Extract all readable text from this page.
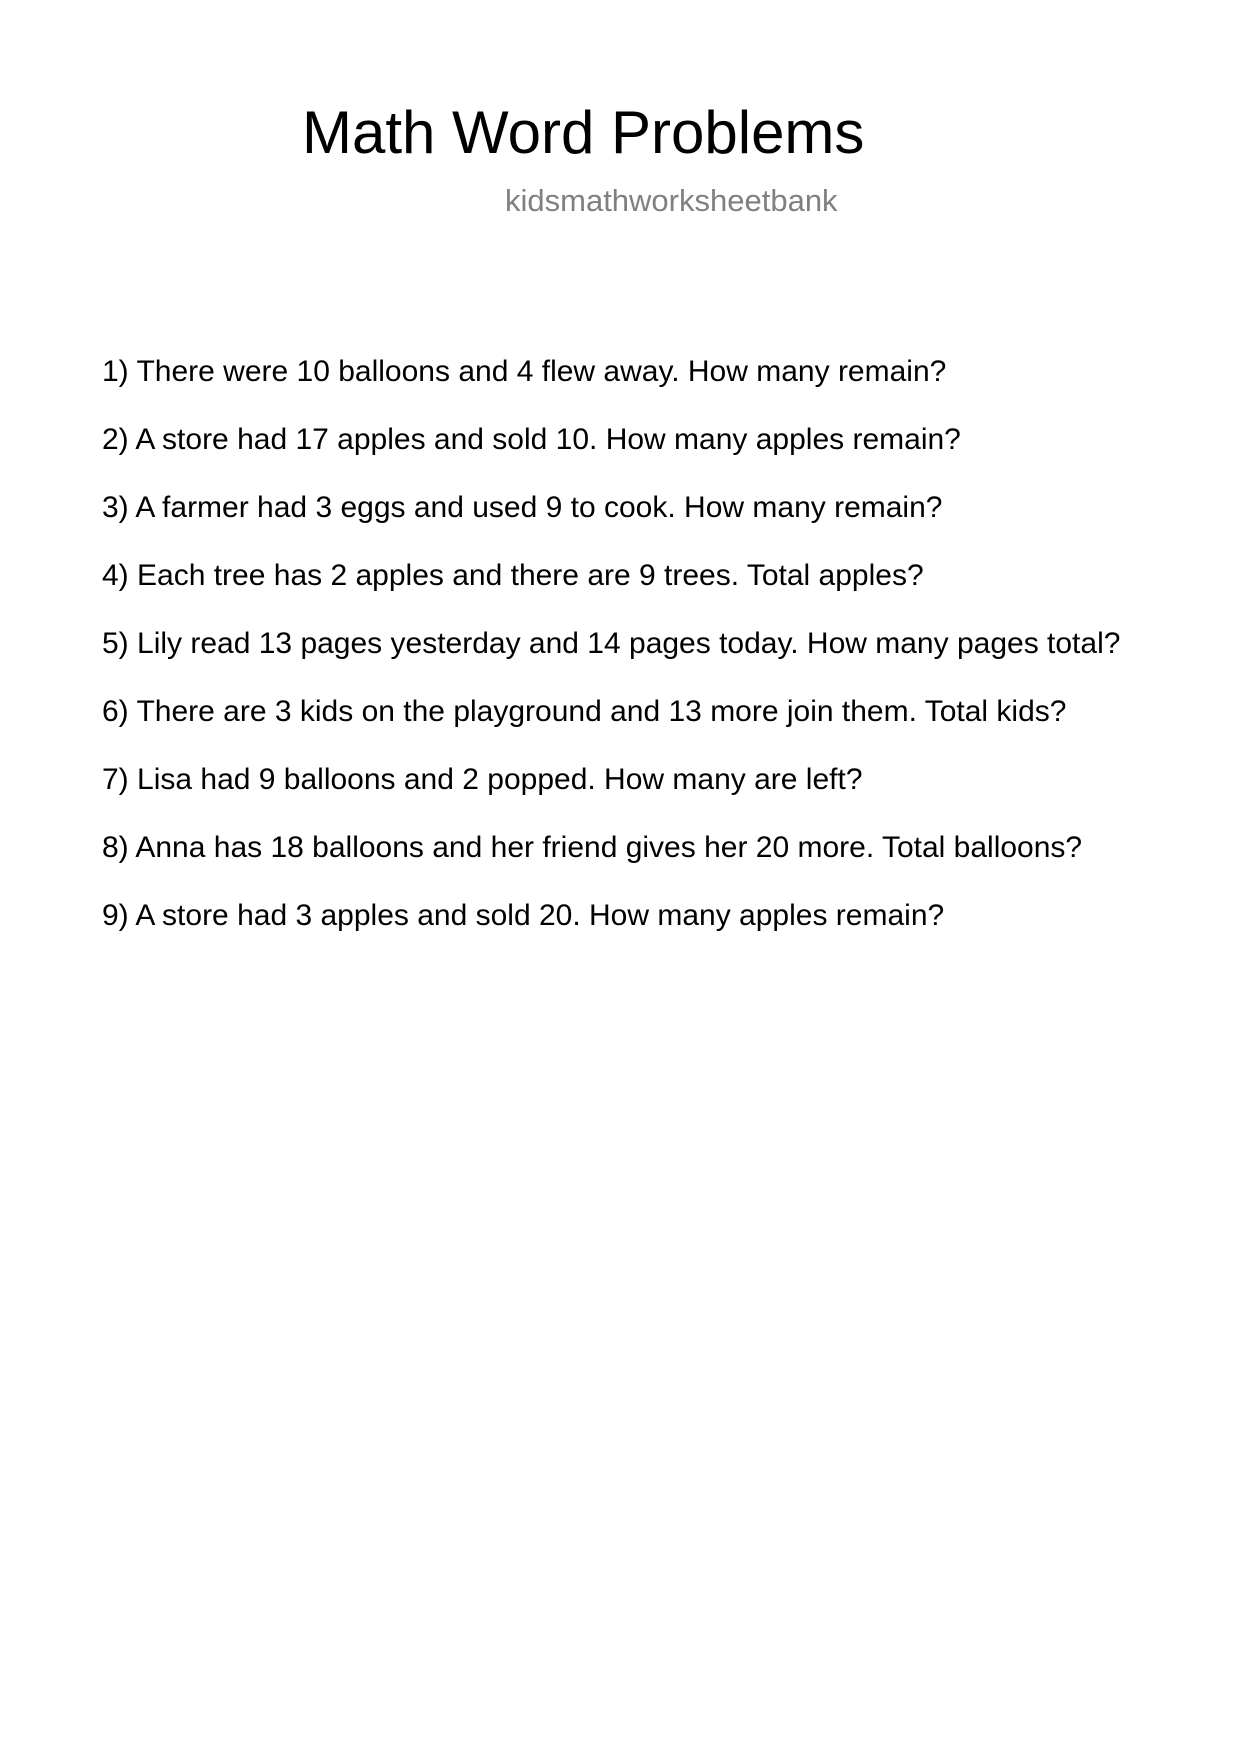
Math Word Problems
kidsmathworksheetbank
1) There were 10 balloons and 4 flew away. How many remain?
2) A store had 17 apples and sold 10. How many apples remain?
3) A farmer had 3 eggs and used 9 to cook. How many remain?
4) Each tree has 2 apples and there are 9 trees. Total apples?
5) Lily read 13 pages yesterday and 14 pages today. How many pages total?
6) There are 3 kids on the playground and 13 more join them. Total kids?
7) Lisa had 9 balloons and 2 popped. How many are left?
8) Anna has 18 balloons and her friend gives her 20 more. Total balloons?
9) A store had 3 apples and sold 20. How many apples remain?
